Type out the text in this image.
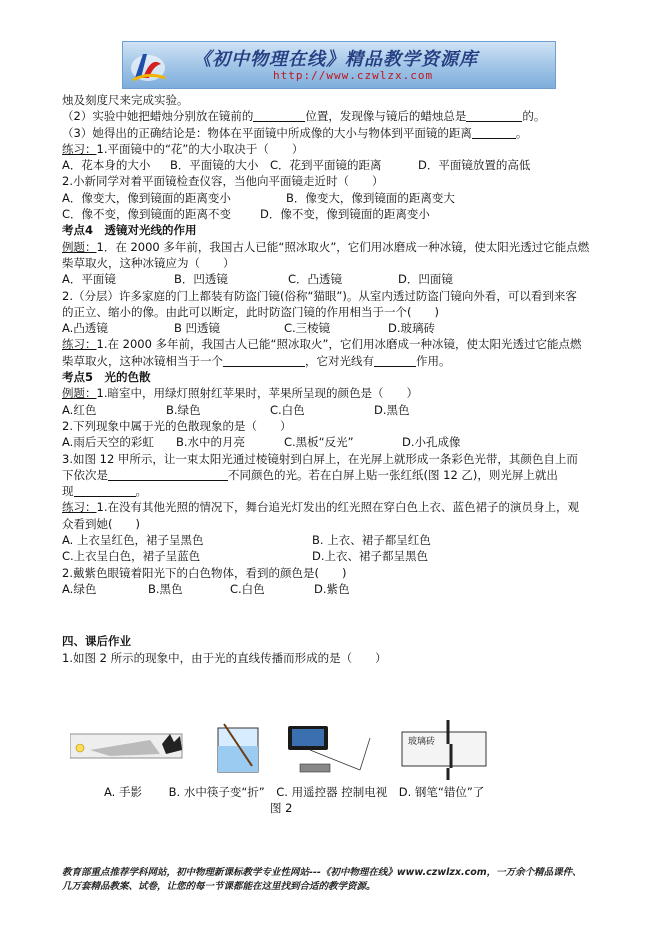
《初中物理在线》精品教学资源库
http://www.czwlzx.com
烛及刻度尺来完成实验。
（2）实验中她把蜡烛分别放在镜前的	位置，发现像与镜后的蜡烛总是	的。
（3）她得出的正确结论是：物体在平面镜中所成像的大小与物体到平面镜的距离	。
练习：1.平面镜中的“花”的大小取决于（　　）
A．花本身的大小	B．平面镜的大小	C．花到平面镜的距离	D．平面镜放置的高低
2.小新同学对着平面镜检查仪容，当他向平面镜走近时（　　）
A．像变大，像到镜面的距离变小	B．像变大，像到镜面的距离变大
C．像不变，像到镜面的距离不变	D．像不变，像到镜面的距离变小
考点4　透镜对光线的作用
例题：1．在 2000 多年前，我国古人已能“照冰取火”，它们用冰磨成一种冰镜，使太阳光透过它能点燃
柴草取火，这种冰镜应为（　　）
A．平面镜	B．凹透镜	C．凸透镜	D．凹面镜
2.（分层）许多家庭的门上都装有防盗门镜(俗称“猫眼”)。从室内透过防盗门镜向外看，可以看到来客
的正立、缩小的像。由此可以断定，此时防盗门镜的作用相当于一个(　　)
A.凸透镜	B 凹透镜	C.三棱镜	D.玻璃砖
练习：1.在 2000 多年前，我国古人已能“照冰取火”，它们用冰磨成一种冰镜，使太阳光透过它能点燃
柴草取火，这种冰镜相当于一个	，它对光线有	作用。
考点5　光的色散
例题：1.暗室中，用绿灯照射红苹果时，苹果所呈现的颜色是（　　）
A.红色	B.绿色	C.白色	D.黑色
2.下列现象中属于光的色散现象的是（　　）
A.雨后天空的彩虹	B.水中的月亮	C.黑板“反光”	D.小孔成像
3.如图 12 甲所示，让一束太阳光通过棱镜射到白屏上，在光屏上就形成一条彩色光带，其颜色自上而
下依次是	不同颜色的光。若在白屏上贴一张红纸(图 12 乙)，则光屏上就出
现	。
练习：1.在没有其他光照的情况下，舞台追光灯发出的红光照在穿白色上衣、蓝色裙子的演员身上，观
众看到她(　　)
A. 上衣呈红色，裙子呈黑色	B. 上衣、裙子都呈红色
C.上衣呈白色，裙子呈蓝色	D.上衣、裙子都呈黑色
2.戴紫色眼镜着阳光下的白色物体，看到的颜色是(　　)
A.绿色	B.黑色	C.白色	D.紫色
四、课后作业
1.如图 2 所示的现象中，由于光的直线传播而形成的是（　　）
玻璃砖
A. 手影　　 B. 水中筷子变“折”　C. 用遥控器 控制电视　D. 钢笔“错位”了
图 2
教育部重点推荐学科网站，初中物理新课标教学专业性网站---《初中物理在线》www.czwlzx.com，一万余个精品课件、
几万套精品教案、试卷，让您的每一节课都能在这里找到合适的教学资源。
